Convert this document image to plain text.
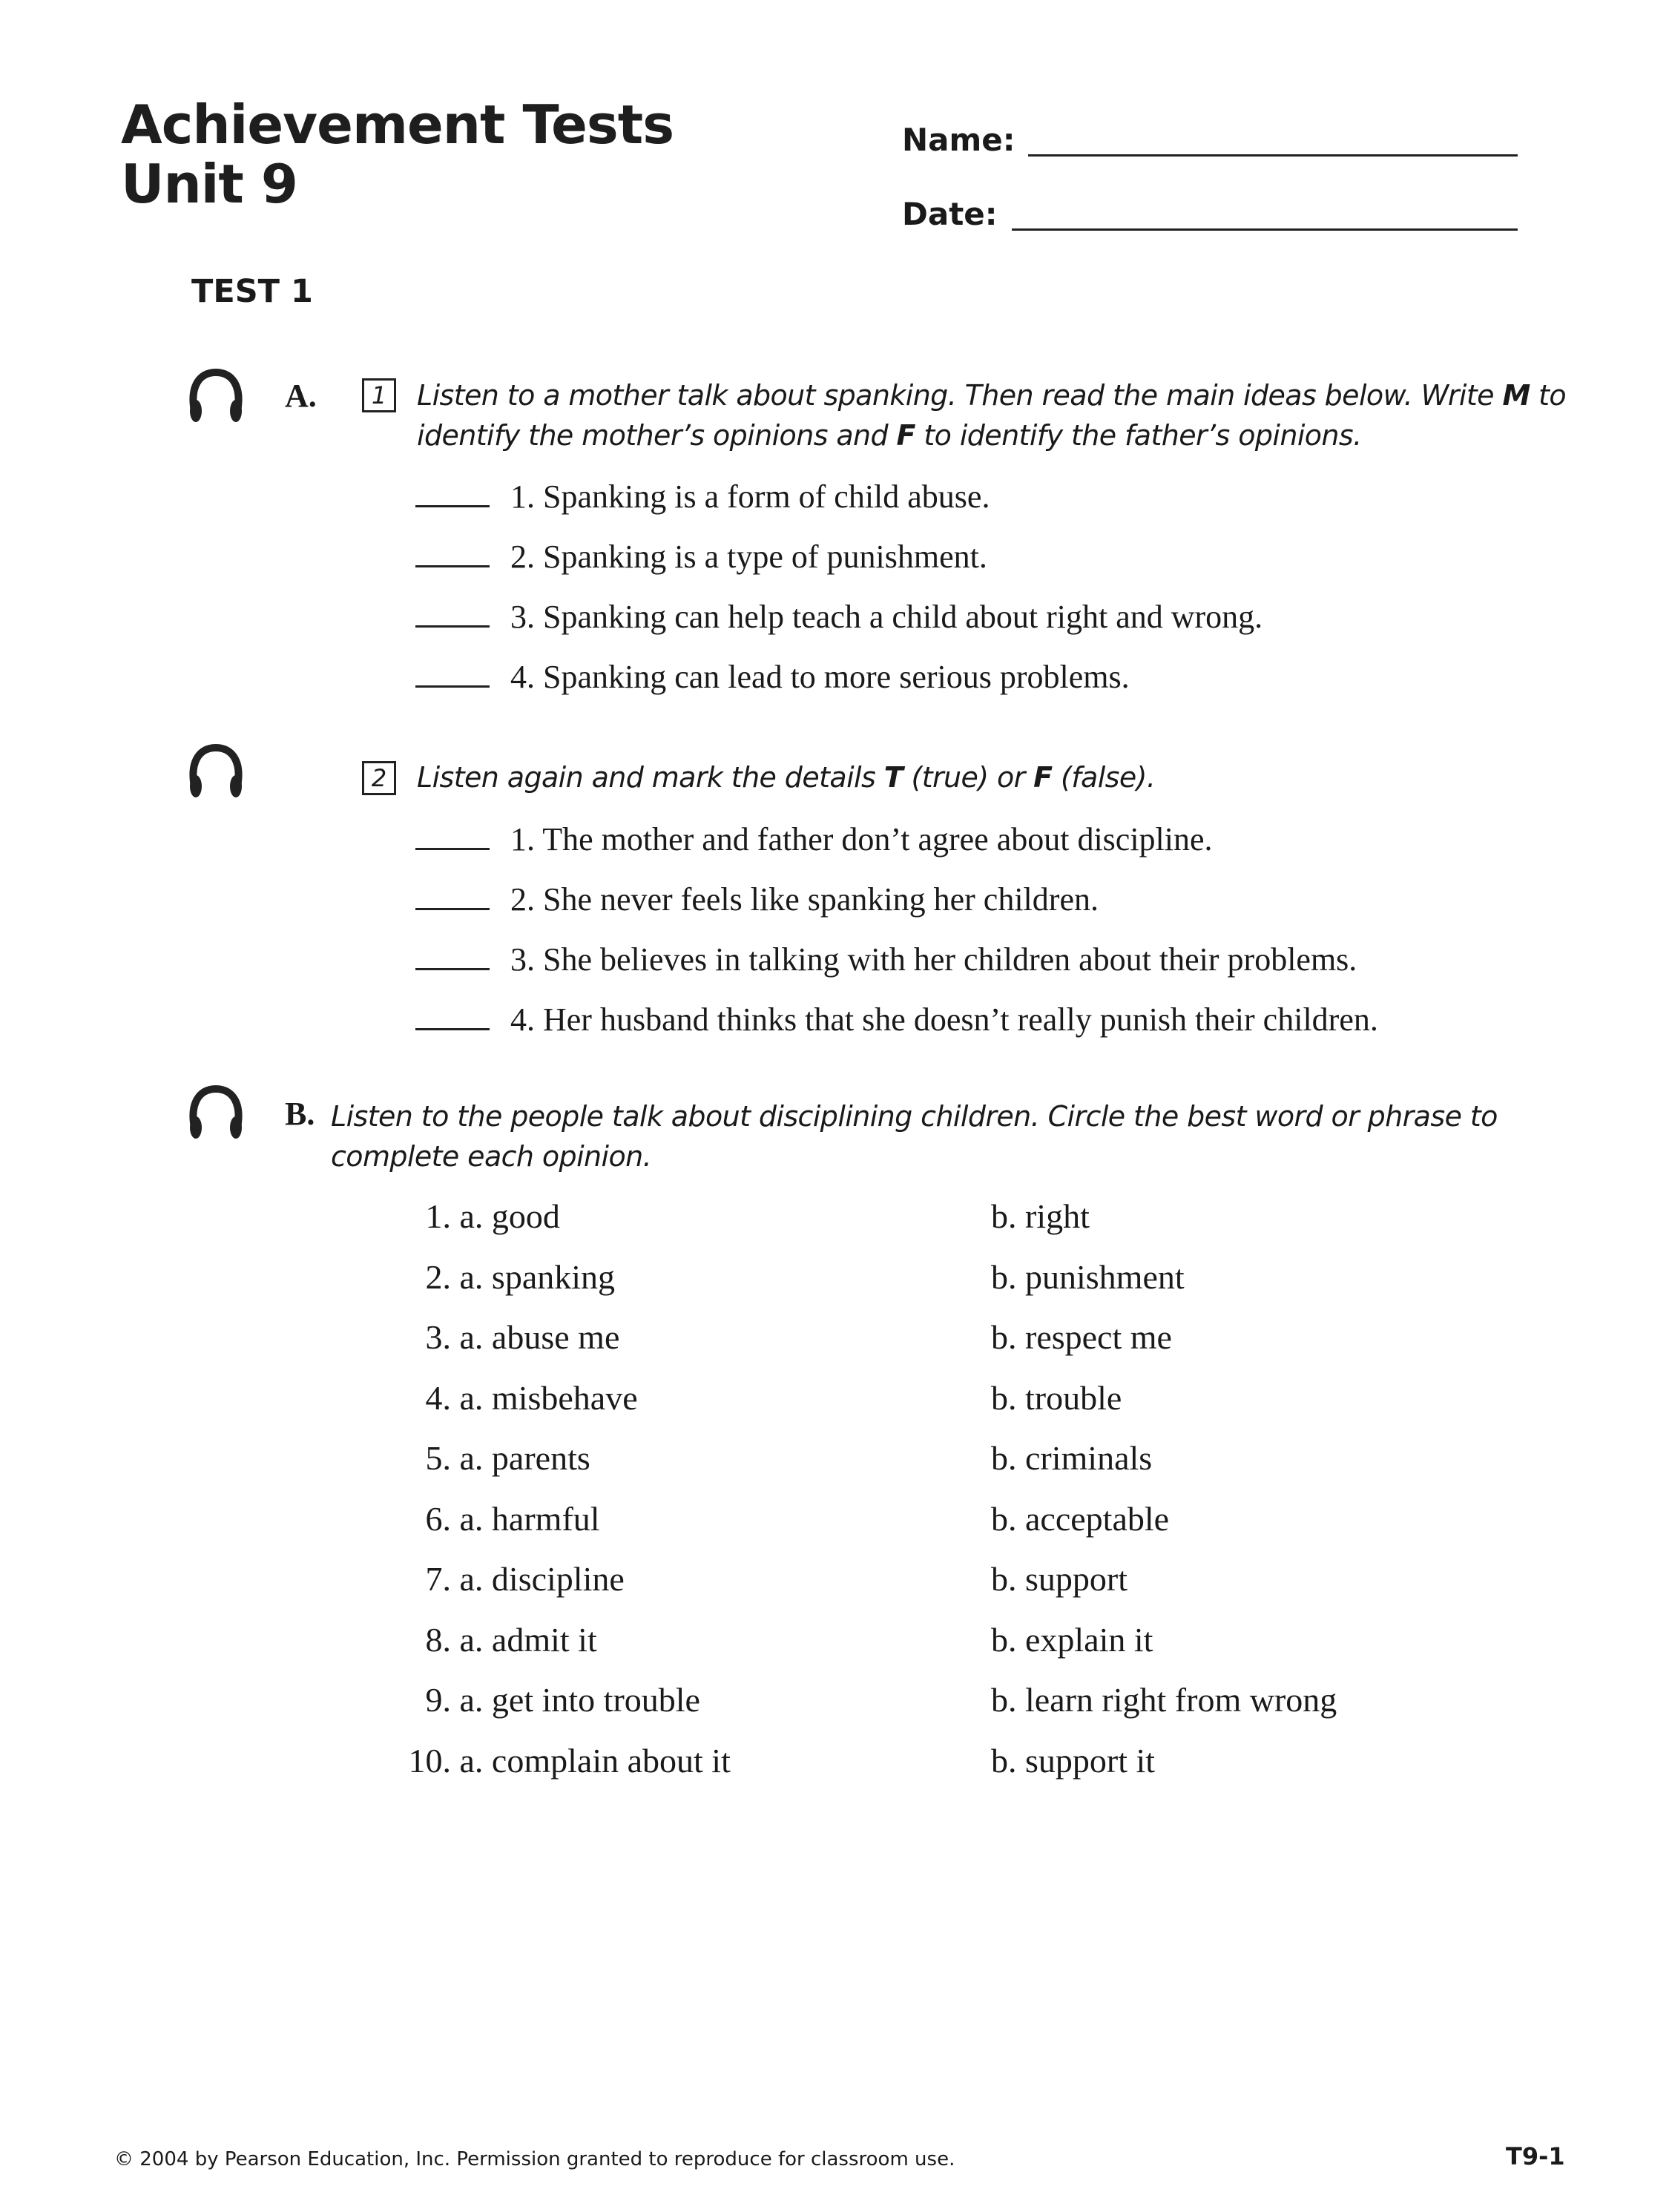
Achievement Tests
Unit 9
Name:
Date:
TEST 1
A.	1	Listen to a mother talk about spanking. Then read the main ideas below. Write M to
identify the mother’s opinions and F to identify the father’s opinions.
1. Spanking is a form of child abuse.
2. Spanking is a type of punishment.
3. Spanking can help teach a child about right and wrong.
4. Spanking can lead to more serious problems.
2	Listen again and mark the details T (true) or F (false).
1. The mother and father don’t agree about discipline.
2. She never feels like spanking her children.
3. She believes in talking with her children about their problems.
4. Her husband thinks that she doesn’t really punish their children.
B. Listen to the people talk about disciplining children. Circle the best word or phrase to
complete each opinion.
1. a. good	b. right
2. a. spanking	b. punishment
3. a. abuse me	b. respect me
4. a. misbehave	b. trouble
5. a. parents	b. criminals
6. a. harmful	b. acceptable
7. a. discipline	b. support
8. a. admit it	b. explain it
9. a. get into trouble	b. learn right from wrong
10. a. complain about it	b. support it
© 2004 by Pearson Education, Inc. Permission granted to reproduce for classroom use.	T9-1
